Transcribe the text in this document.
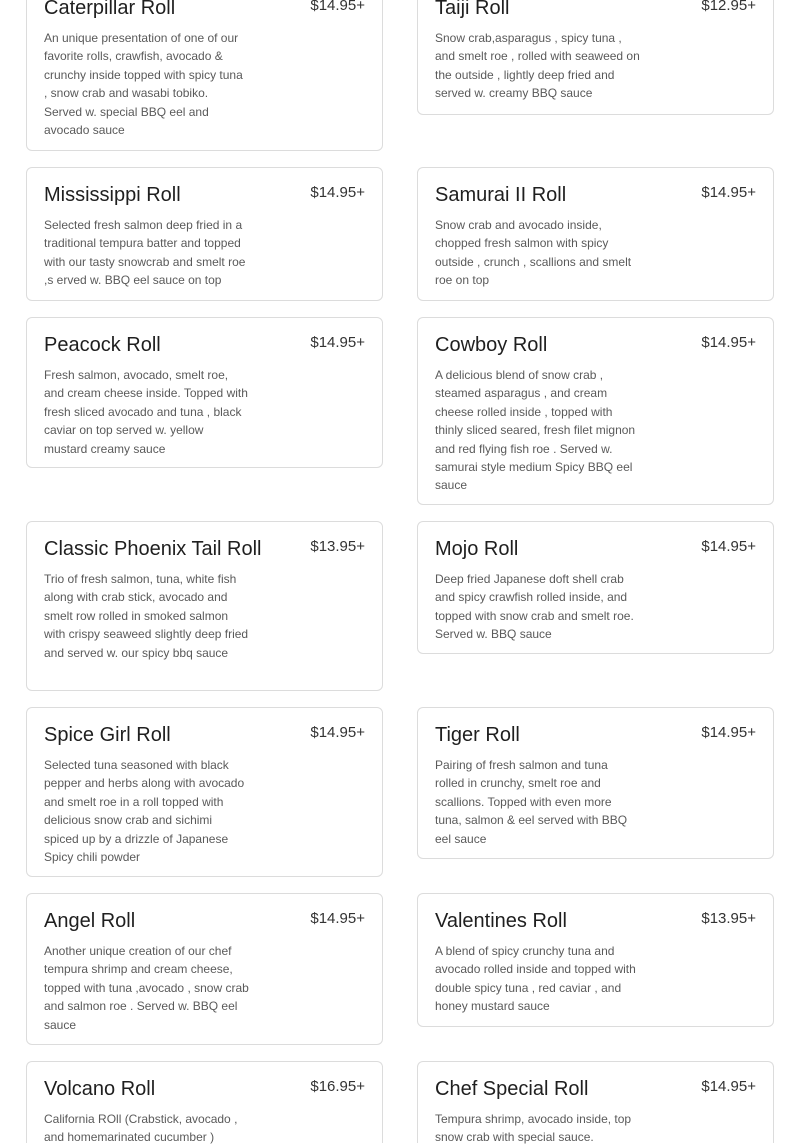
Caterpillar Roll	$14.95+
An unique presentation of one of our favorite rolls, crawfish, avocado & crunchy inside topped with spicy tuna , snow crab and wasabi tobiko. Served w. special BBQ eel and avocado sauce
Taiji Roll	$12.95+
Snow crab,asparagus , spicy tuna , and smelt roe , rolled with seaweed on the outside , lightly deep fried and served w. creamy BBQ sauce
Mississippi Roll	$14.95+
Selected fresh salmon deep fried in a traditional tempura batter and topped with our tasty snowcrab and smelt roe ,s erved w. BBQ eel sauce on top
Samurai II Roll	$14.95+
Snow crab and avocado inside, chopped fresh salmon with spicy outside , crunch , scallions and smelt roe on top
Peacock Roll	$14.95+
Fresh salmon, avocado, smelt roe, and cream cheese inside. Topped with fresh sliced avocado and tuna , black caviar on top served w. yellow mustard creamy sauce
Cowboy Roll	$14.95+
A delicious blend of snow crab , steamed asparagus , and cream cheese rolled inside , topped with thinly sliced seared, fresh filet mignon and red flying fish roe . Served w. samurai style medium Spicy BBQ eel sauce
Classic Phoenix Tail Roll	$13.95+
Trio of fresh salmon, tuna, white fish along with crab stick, avocado and smelt row rolled in smoked salmon with crispy seaweed slightly deep fried and served w. our spicy bbq sauce
Mojo Roll	$14.95+
Deep fried Japanese doft shell crab and spicy crawfish rolled inside, and topped with snow crab and smelt roe. Served w. BBQ sauce
Spice Girl Roll	$14.95+
Selected tuna seasoned with black pepper and herbs along with avocado and smelt roe in a roll topped with delicious snow crab and sichimi spiced up by a drizzle of Japanese Spicy chili powder
Tiger Roll	$14.95+
Pairing of fresh salmon and tuna rolled in crunchy, smelt roe and scallions. Topped with even more tuna, salmon & eel served with BBQ eel sauce
Angel Roll	$14.95+
Another unique creation of our chef tempura shrimp and cream cheese, topped with tuna ,avocado , snow crab and salmon roe . Served w. BBQ eel sauce
Valentines Roll	$13.95+
A blend of spicy crunchy tuna and avocado rolled inside and topped with double spicy tuna , red caviar , and honey mustard sauce
Volcano Roll	$16.95+
California ROll (Crabstick, avocado , and homemarinated cucumber )
Chef Special Roll	$14.95+
Tempura shrimp, avocado inside, top snow crab with special sauce.
